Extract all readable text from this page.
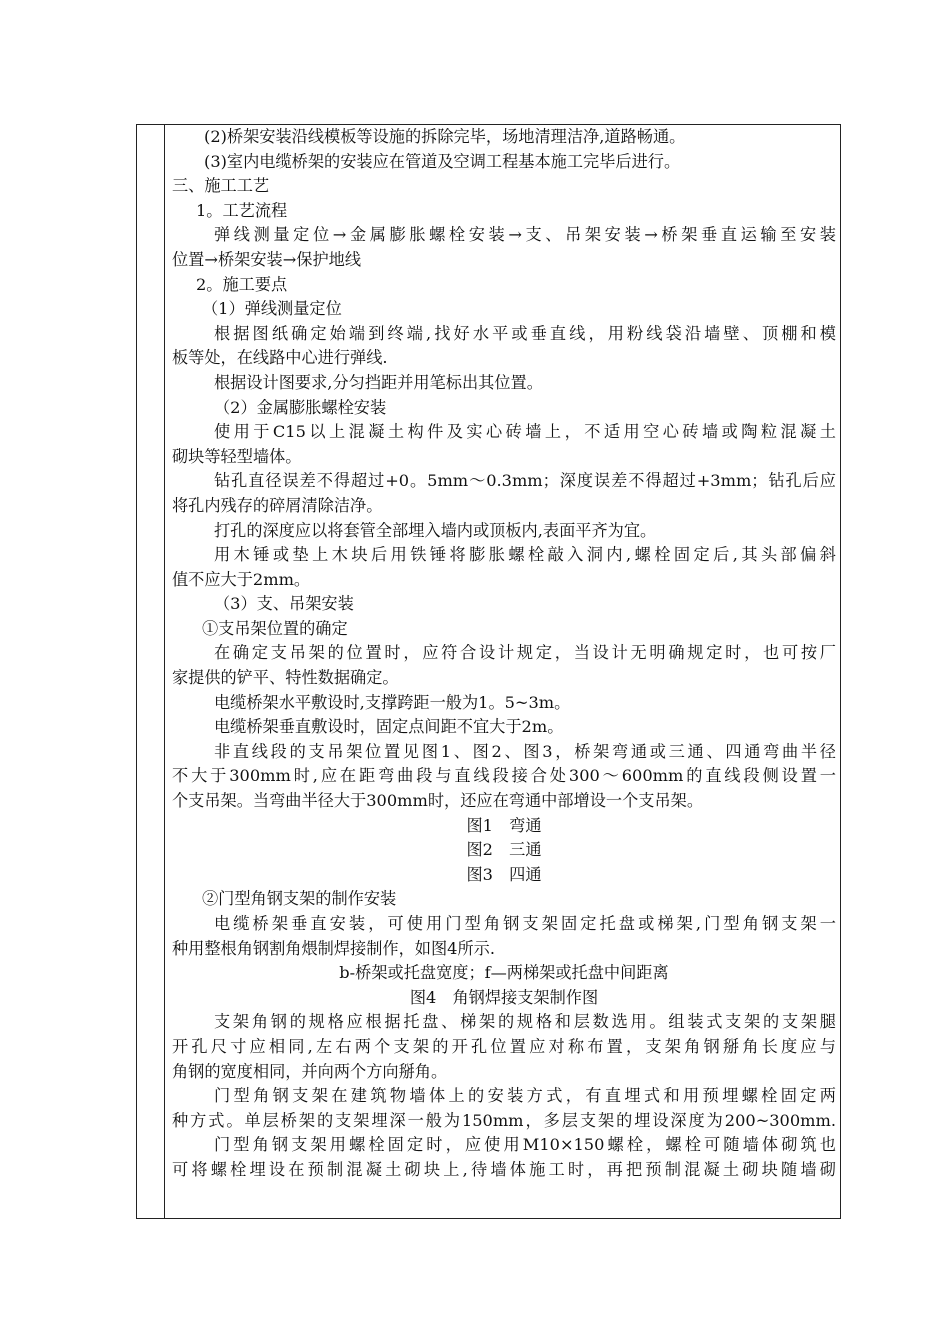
(2)桥架安装沿线模板等设施的拆除完毕，场地清理洁净,道路畅通。
(3)室内电缆桥架的安装应在管道及空调工程基本施工完毕后进行。
三、施工工艺
1。工艺流程
弹线测量定位→金属膨胀螺栓安装→支、吊架安装→桥架垂直运输至安装
位置→桥架安装→保护地线
2。施工要点
（1）弹线测量定位
根据图纸确定始端到终端,找好水平或垂直线，用粉线袋沿墙壁、顶棚和模
板等处，在线路中心进行弹线.
根据设计图要求,分匀挡距并用笔标出其位置。
（2）金属膨胀螺栓安装
使用于C15以上混凝土构件及实心砖墙上，不适用空心砖墙或陶粒混凝土
砌块等轻型墙体。
钻孔直径误差不得超过+0。5mm～0.3mm；深度误差不得超过+3mm；钻孔后应
将孔内残存的碎屑清除洁净。
打孔的深度应以将套管全部埋入墙内或顶板内,表面平齐为宜。
用木锤或垫上木块后用铁锤将膨胀螺栓敲入洞内,螺栓固定后,其头部偏斜
值不应大于2mm。
（3）支、吊架安装
①支吊架位置的确定
在确定支吊架的位置时，应符合设计规定，当设计无明确规定时，也可按厂
家提供的铲平、特性数据确定。
电缆桥架水平敷设时,支撑跨距一般为1。5~3m。
电缆桥架垂直敷设时，固定点间距不宜大于2m。
非直线段的支吊架位置见图1、图2、图3，桥架弯通或三通、四通弯曲半径
不大于300mm时,应在距弯曲段与直线段接合处300～600mm的直线段侧设置一
个支吊架。当弯曲半径大于300mm时，还应在弯通中部增设一个支吊架。
图1　弯通
图2　三通
图3　四通
②门型角钢支架的制作安装
电缆桥架垂直安装，可使用门型角钢支架固定托盘或梯架,门型角钢支架一
种用整根角钢割角煨制焊接制作，如图4所示.
b-桥架或托盘宽度；f—两梯架或托盘中间距离
图4　角钢焊接支架制作图
支架角钢的规格应根据托盘、梯架的规格和层数选用。组装式支架的支架腿
开孔尺寸应相同,左右两个支架的开孔位置应对称布置，支架角钢掰角长度应与
角钢的宽度相同，并向两个方向掰角。
门型角钢支架在建筑物墙体上的安装方式，有直埋式和用预埋螺栓固定两
种方式。单层桥架的支架埋深一般为150mm，多层支架的埋设深度为200~300mm.
门型角钢支架用螺栓固定时，应使用M10×150螺栓，螺栓可随墙体砌筑也
可将螺栓埋设在预制混凝土砌块上,待墙体施工时，再把预制混凝土砌块随墙砌
